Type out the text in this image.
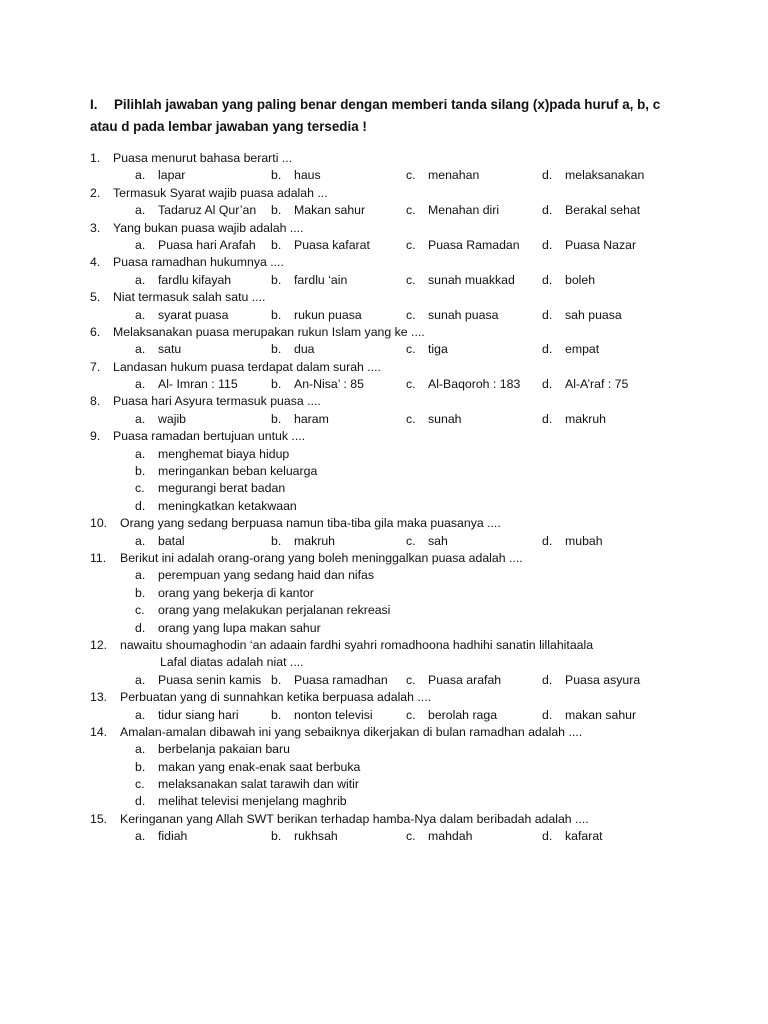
I. Pilihlah jawaban yang paling benar dengan memberi tanda silang (x)pada huruf a, b, c
atau d pada lembar jawaban yang tersedia !
1. Puasa menurut bahasa berarti ...
a. lapar	b. haus	c. menahan	d. melaksanakan
2. Termasuk Syarat wajib puasa adalah ...
a. Tadaruz Al Qur’an b. Makan sahur	c. Menahan diri	d. Berakal sehat
3. Yang bukan puasa wajib adalah ....
a. Puasa hari Arafah b. Puasa kafarat	c. Puasa Ramadan d. Puasa Nazar
4. Puasa ramadhan hukumnya ....
a. fardlu kifayah	b. fardlu ‘ain	c. sunah muakkad d. boleh
5. Niat termasuk salah satu ....
a. syarat puasa	b. rukun puasa	c. sunah puasa	d. sah puasa
6. Melaksanakan puasa merupakan rukun Islam yang ke ....
a. satu	b. dua	c. tiga	d. empat
7. Landasan hukum puasa terdapat dalam surah ....
a. Al- Imran : 115	b. An-Nisa’ : 85	c. Al-Baqoroh : 183 d. Al-A’raf : 75
8. Puasa hari Asyura termasuk puasa ....
a. wajib	b. haram	c. sunah	d. makruh
9. Puasa ramadan bertujuan untuk ....
a. menghemat biaya hidup
b. meringankan beban keluarga
c. megurangi berat badan
d. meningkatkan ketakwaan
10. Orang yang sedang berpuasa namun tiba-tiba gila maka puasanya ....
a. batal	b. makruh	c. sah	d. mubah
11. Berikut ini adalah orang-orang yang boleh meninggalkan puasa adalah ....
a. perempuan yang sedang haid dan nifas
b. orang yang bekerja di kantor
c. orang yang melakukan perjalanan rekreasi
d. orang yang lupa makan sahur
12. nawaitu shoumaghodin ‘an adaain fardhi syahri romadhoona hadhihi sanatin lillahitaala
Lafal diatas adalah niat ....
a. Puasa senin kamis b. Puasa ramadhan c. Puasa arafah	d. Puasa asyura
13. Perbuatan yang di sunnahkan ketika berpuasa adalah ....
a. tidur siang hari	b. nonton televisi	c. berolah raga	d. makan sahur
14. Amalan-amalan dibawah ini yang sebaiknya dikerjakan di bulan ramadhan adalah ....
a. berbelanja pakaian baru
b. makan yang enak-enak saat berbuka
c. melaksanakan salat tarawih dan witir
d. melihat televisi menjelang maghrib
15. Keringanan yang Allah SWT berikan terhadap hamba-Nya dalam beribadah adalah ....
a. fidiah	b. rukhsah	c. mahdah	d. kafarat
